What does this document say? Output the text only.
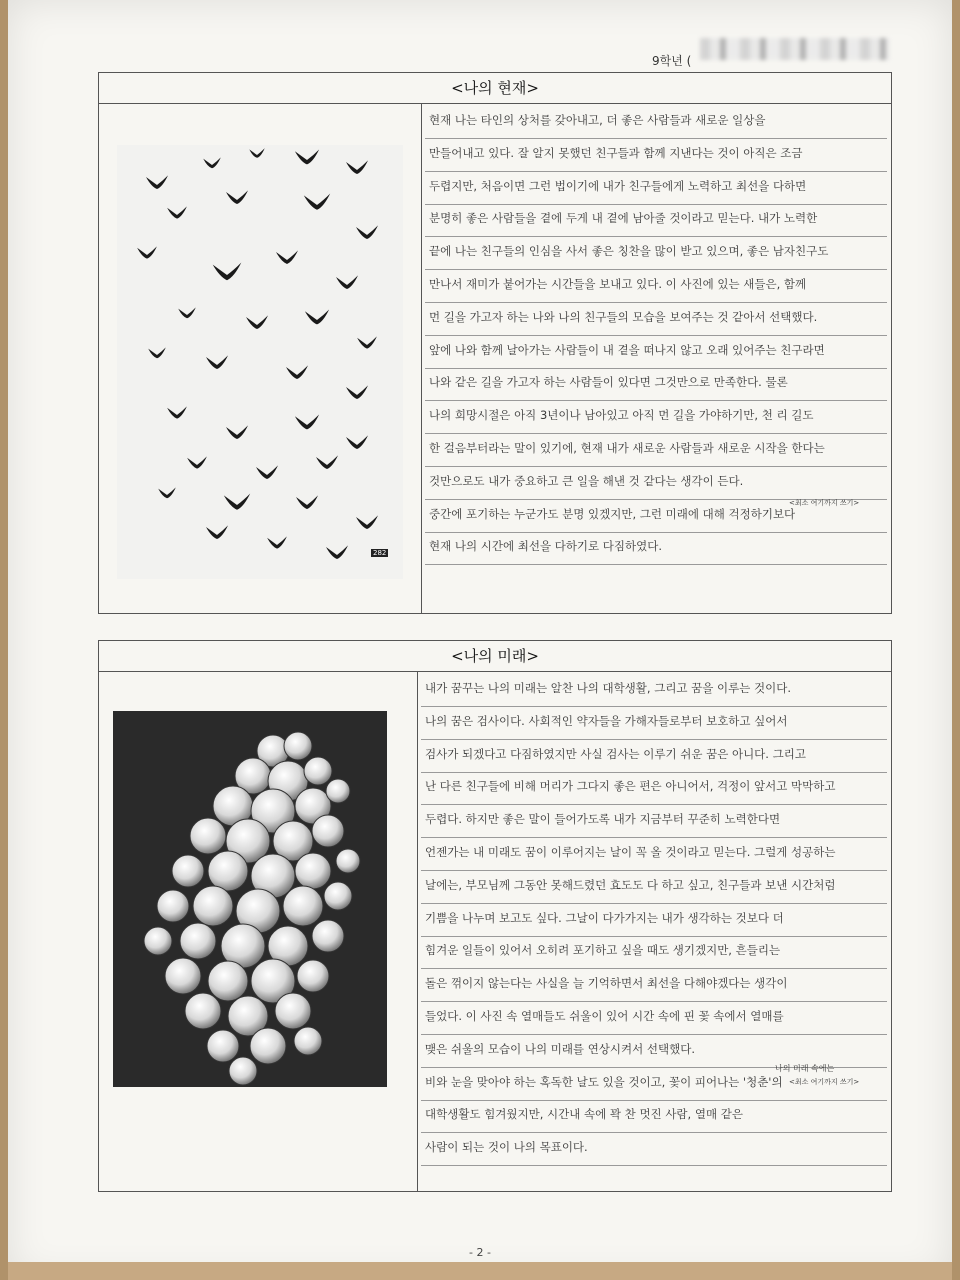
9학년 (
<나의 현재>
282
현재 나는 타인의 상처를 갖아내고, 더 좋은 사람들과 새로운 일상을
만들어내고 있다. 잘 알지 못했던 친구들과 함께 지낸다는 것이 아직은 조금
두렵지만, 처음이면 그런 법이기에 내가 친구들에게 노력하고 최선을 다하면
분명히 좋은 사람들을 곁에 두게 내 곁에 남아줄 것이라고 믿는다. 내가 노력한
끝에 나는 친구들의 인심을 사서 좋은 칭찬을 많이 받고 있으며, 좋은 남자친구도
만나서 재미가 붙어가는 시간들을 보내고 있다. 이 사진에 있는 새들은, 함께
먼 길을 가고자 하는 나와 나의 친구들의 모습을 보여주는 것 같아서 선택했다.
앞에 나와 함께 날아가는 사람들이 내 곁을 떠나지 않고 오래 있어주는 친구라면
나와 같은 길을 가고자 하는 사람들이 있다면 그것만으로 만족한다. 물론
나의 희망시절은 아직 3년이나 남아있고 아직 먼 길을 가야하기만, 천 리 길도
한 걸음부터라는 말이 있기에, 현재 내가 새로운 사람들과 새로운 시작을 한다는
것만으로도 내가 중요하고 큰 일을 해낸 것 같다는 생각이 든다.
중간에 포기하는 누군가도 분명 있겠지만, 그런 미래에 대해 걱정하기보다
현재 나의 시간에 최선을 다하기로 다짐하였다.
<최소 여기까지 쓰기>
<나의 미래>
내가 꿈꾸는 나의 미래는 알찬 나의 대학생활, 그리고 꿈을 이루는 것이다.
나의 꿈은 검사이다. 사회적인 약자들을 가해자들로부터 보호하고 싶어서
검사가 되겠다고 다짐하였지만 사실 검사는 이루기 쉬운 꿈은 아니다. 그리고
난 다른 친구들에 비해 머리가 그다지 좋은 편은 아니어서, 걱정이 앞서고 막막하고
두렵다. 하지만 좋은 말이 들어가도록 내가 지금부터 꾸준히 노력한다면
언젠가는 내 미래도 꿈이 이루어지는 날이 꼭 올 것이라고 믿는다. 그럴게 성공하는
날에는, 부모님께 그동안 못해드렸던 효도도 다 하고 싶고, 친구들과 보낸 시간처럼
기쁨을 나누며 보고도 싶다. 그날이 다가가지는 내가 생각하는 것보다 더
힘겨운 일들이 있어서 오히려 포기하고 싶을 때도 생기겠지만, 흔들리는
돌은 꺾이지 않는다는 사실을 늘 기억하면서 최선을 다해야겠다는 생각이
들었다. 이 사진 속 열매들도 쉬울이 있어 시간 속에 핀 꽃 속에서 열매를
맺은 쉬울의 모습이 나의 미래를 연상시켜서 선택했다.
비와 눈을 맞아야 하는 혹독한 날도 있을 것이고, 꽃이 피어나는 '청춘'의
대학생활도 힘겨웠지만, 시간내 속에 꽉 찬 멋진 사람, 열매 같은
사람이 되는 것이 나의 목표이다.
나의 미래 속에는
<최소 여기까지 쓰기>
- 2 -
